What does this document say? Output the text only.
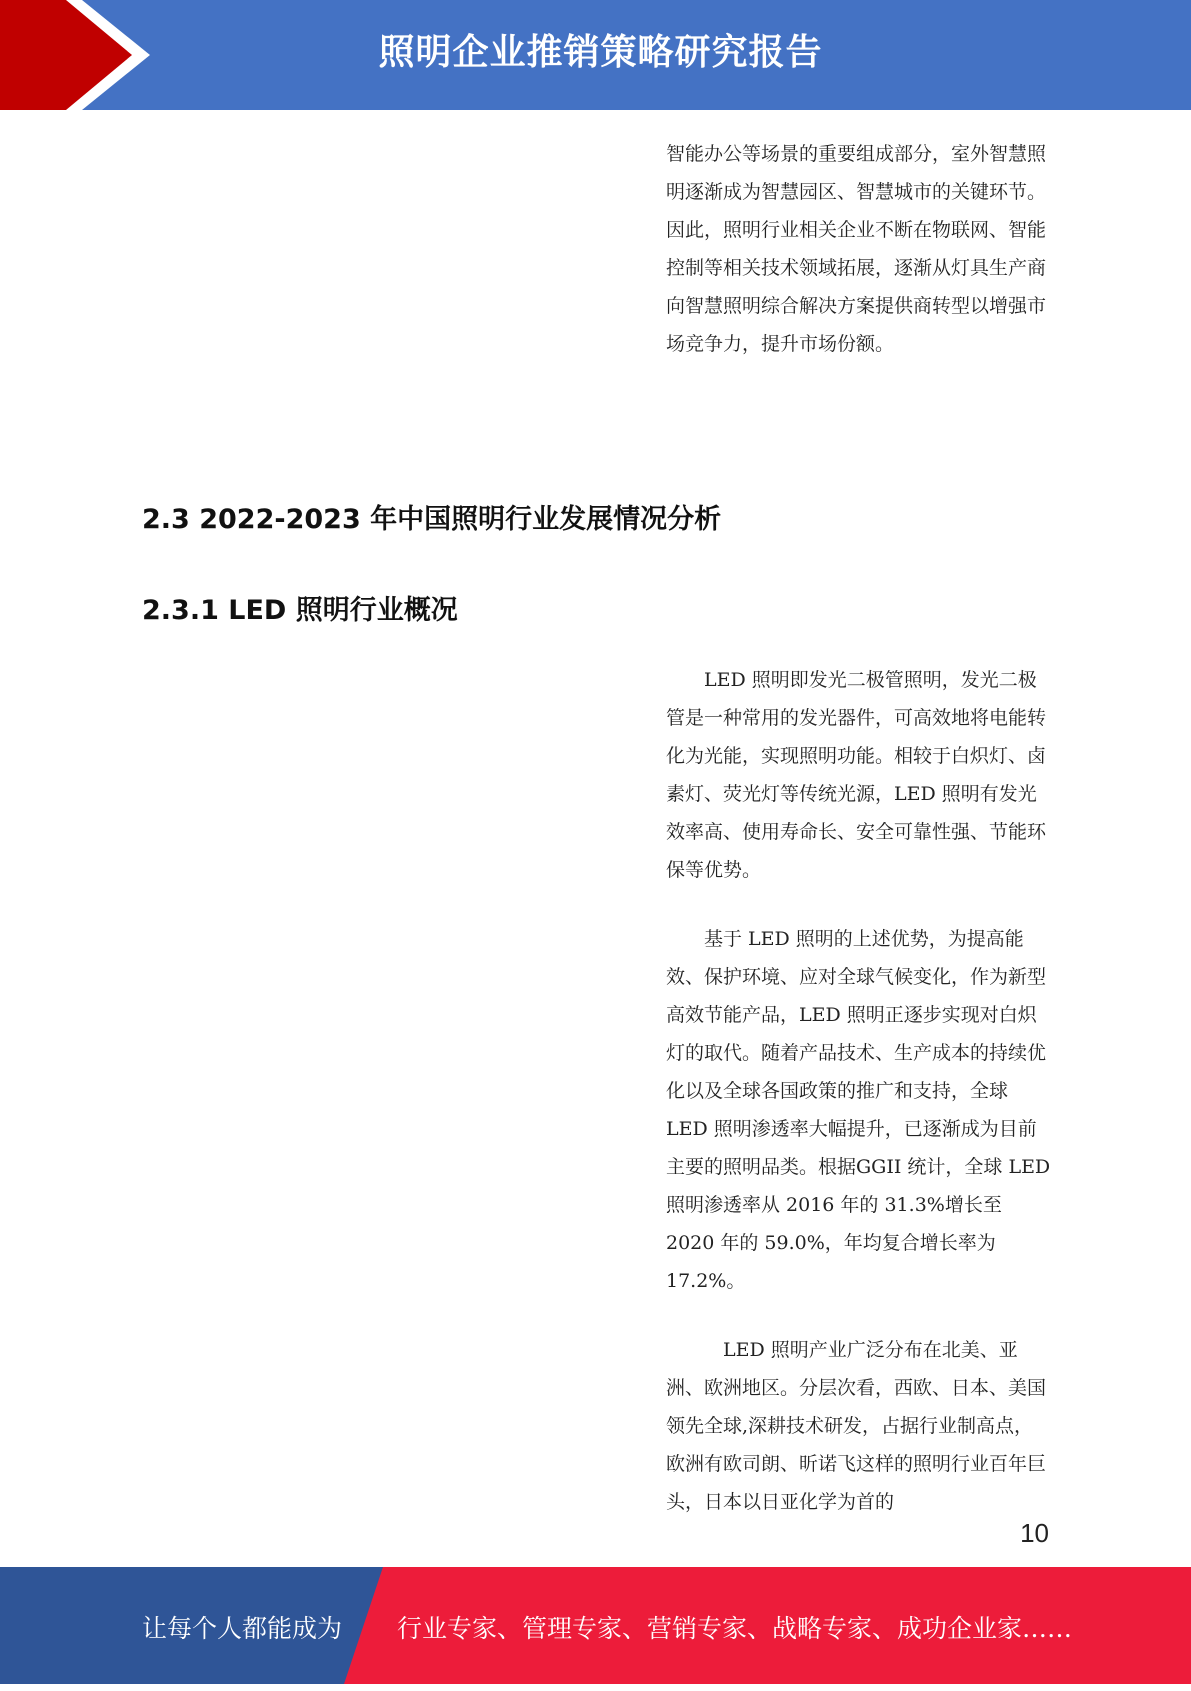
照明企业推销策略研究报告

智能办公等场景的重要组成部分，室外智慧照明逐渐成为智慧园区、智慧城市的关键环节。因此，照明行业相关企业不断在物联网、智能控制等相关技术领域拓展，逐渐从灯具生产商向智慧照明综合解决方案提供商转型以增强市场竞争力，提升市场份额。

2.3 2022-2023 年中国照明行业发展情况分析
2.3.1 LED 照明行业概况

LED 照明即发光二极管照明，发光二极管是一种常用的发光器件，可高效地将电能转化为光能，实现照明功能。相较于白炽灯、卤素灯、荧光灯等传统光源，LED 照明有发光效率高、使用寿命长、安全可靠性强、节能环保等优势。

基于 LED 照明的上述优势，为提高能效、保护环境、应对全球气候变化，作为新型高效节能产品，LED 照明正逐步实现对白炽灯的取代。随着产品技术、生产成本的持续优化以及全球各国政策的推广和支持，全球 LED 照明渗透率大幅提升，已逐渐成为目前主要的照明品类。根据GGII 统计，全球 LED 照明渗透率从 2016 年的 31.3%增长至 2020 年的 59.0%，年均复合增长率为 17.2%。

LED 照明产业广泛分布在北美、亚洲、欧洲地区。分层次看，西欧、日本、美国领先全球,深耕技术研发，占据行业制高点，欧洲有欧司朗、昕诺飞这样的照明行业百年巨头，日本以日亚化学为首的

10
让每个人都能成为 行业专家、管理专家、营销专家、战略专家、成功企业家……
